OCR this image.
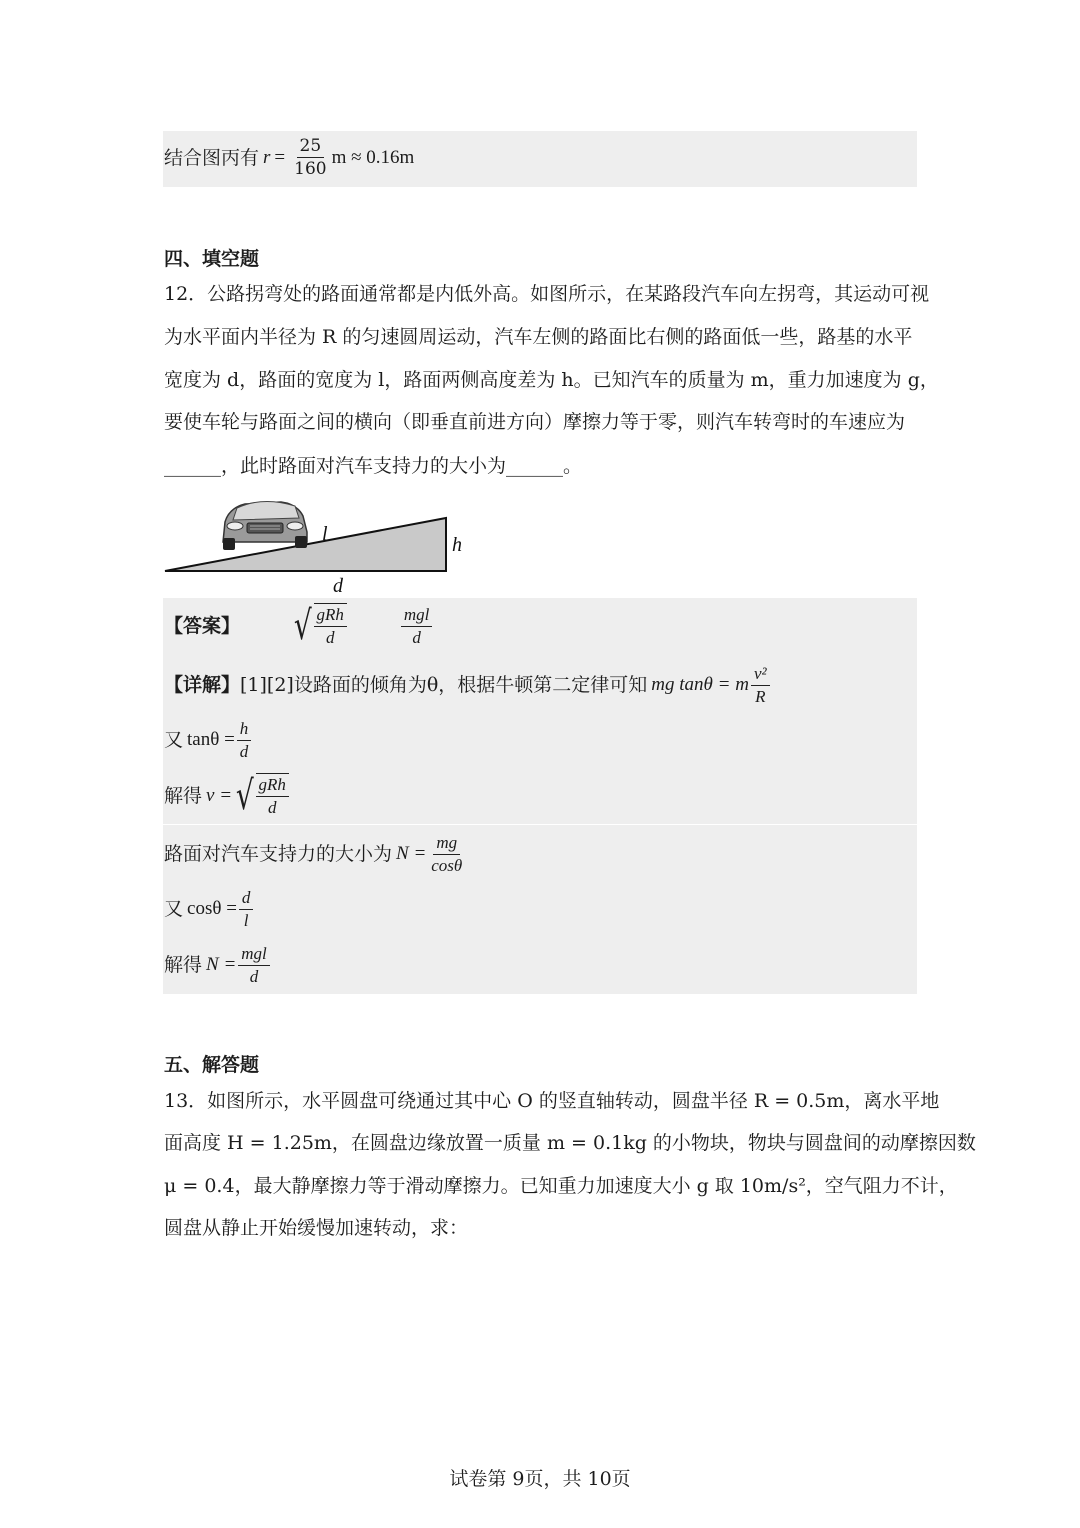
结合图丙有 $r = \frac{25}{160}$ m ≈ 0.16m
四、填空题
12．公路拐弯处的路面通常都是内低外高。如图所示，在某路段汽车向左拐弯，其运动可视
为水平面内半径为 R 的匀速圆周运动，汽车左侧的路面比右侧的路面低一些，路基的水平
宽度为 d，路面的宽度为 l，路面两侧高度差为 h。已知汽车的质量为 m，重力加速度为 g，
要使车轮与路面之间的横向（即垂直前进方向）摩擦力等于零，则汽车转弯时的车速应为
______，此时路面对汽车支持力的大小为______。
l	h
d
【答案】 √ $\frac{\text{gRh}}{d}$	$\frac{\text{mgl}}{d}$
【详解】 [1][2]设路面的倾角为θ，根据牛顿第二定律可知 mg tanθ = m $\frac{\text{v²}}{R}$
又 $\tan\theta = \frac{h}{d}$
解得 v = √ $\frac{\text{gRh}}{d}$
路面对汽车支持力的大小为 $N = \frac{mg}{\cos\theta}$
又 $\cos\theta = \frac{d}{l}$
解得 $N = \frac{\text{mgl}}{d}$
五、解答题
13．如图所示，水平圆盘可绕通过其中心 O 的竖直轴转动，圆盘半径 R = 0.5m，离水平地
面高度 H = 1.25m，在圆盘边缘放置一质量 m = 0.1kg 的小物块，物块与圆盘间的动摩擦因数
μ = 0.4，最大静摩擦力等于滑动摩擦力。已知重力加速度大小 g 取 10m/s²，空气阻力不计，
圆盘从静止开始缓慢加速转动，求：
试卷第 9页，共 10页
